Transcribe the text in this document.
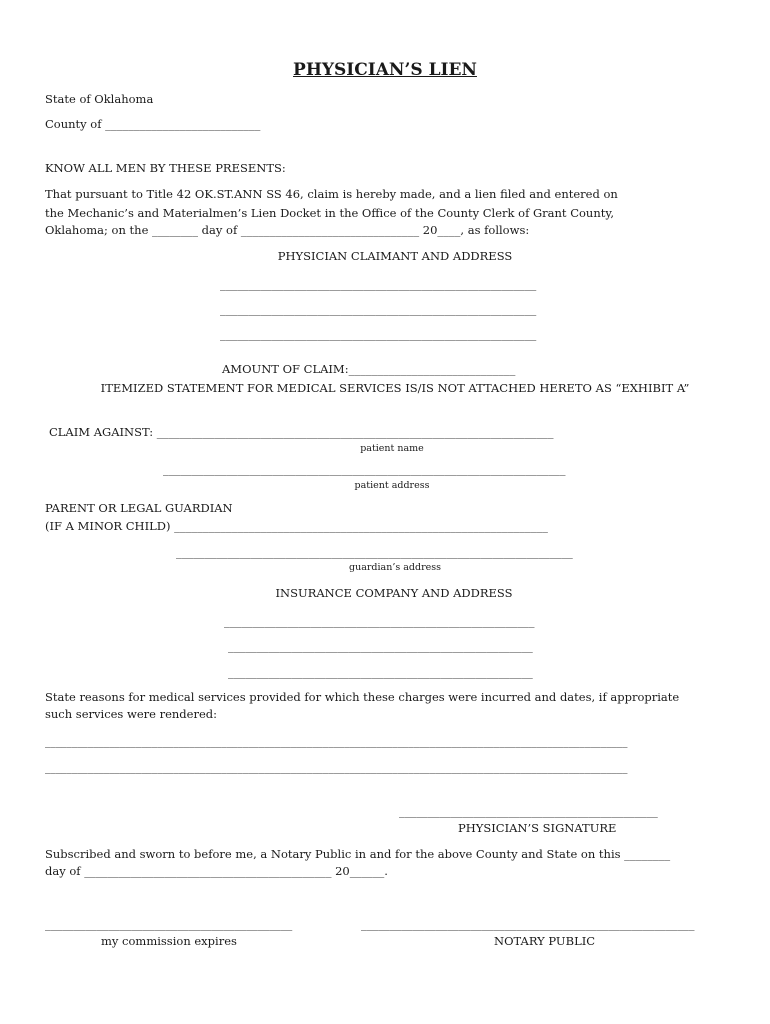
PHYSICIAN’S LIEN
State of Oklahoma
County of ___________________________
KNOW ALL MEN BY THESE PRESENTS:
That pursuant to Title 42 OK.ST.ANN SS 46, claim is hereby made, and a lien filed and entered on
the Mechanic’s and Materialmen’s Lien Docket in the Office of the County Clerk of Grant County,
Oklahoma; on the ________ day of _______________________________ 20____, as follows:
PHYSICIAN CLAIMANT AND ADDRESS
_______________________________________________________
_______________________________________________________
_______________________________________________________
AMOUNT OF CLAIM:_____________________________
ITEMIZED STATEMENT FOR MEDICAL SERVICES IS/IS NOT ATTACHED HERETO AS “EXHIBIT A”
CLAIM AGAINST: _____________________________________________________________________
patient name
______________________________________________________________________
patient address
PARENT OR LEGAL GUARDIAN
(IF A MINOR CHILD) _________________________________________________________________
_____________________________________________________________________
guardian’s address
INSURANCE COMPANY AND ADDRESS
______________________________________________________
_____________________________________________________
_____________________________________________________
State reasons for medical services provided for which these charges were incurred and dates, if appropriate
such services were rendered:
_____________________________________________________________________________________________________________
_____________________________________________________________________________________________________________
_____________________________________________
PHYSICIAN’S SIGNATURE
Subscribed and sworn to before me, a Notary Public in and for the above County and State on this ________
day of ___________________________________________ 20______.
___________________________________________
my commission expires
__________________________________________________________
NOTARY PUBLIC
